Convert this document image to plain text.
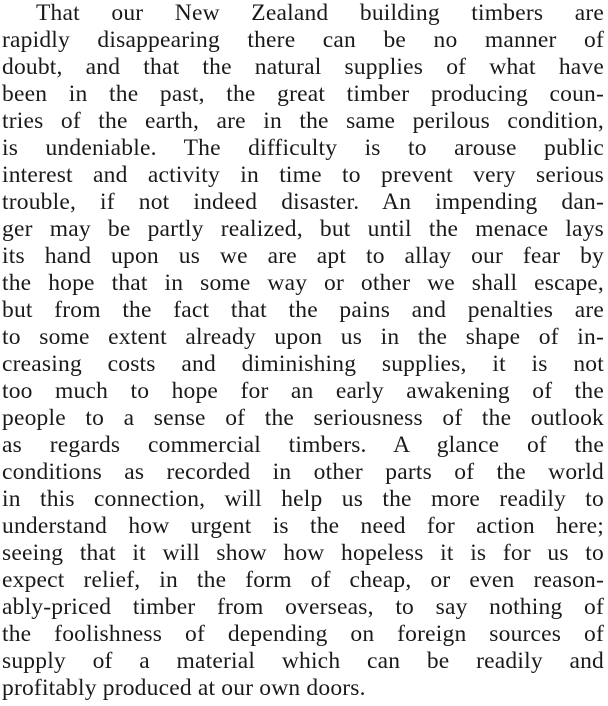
That our New Zealand building timbers are
rapidly disappearing there can be no manner of
doubt, and that the natural supplies of what have
been in the past, the great timber producing coun-
tries of the earth, are in the same perilous condition,
is undeniable. The difficulty is to arouse public
interest and activity in time to prevent very serious
trouble, if not indeed disaster. An impending dan-
ger may be partly realized, but until the menace lays
its hand upon us we are apt to allay our fear by
the hope that in some way or other we shall escape,
but from the fact that the pains and penalties are
to some extent already upon us in the shape of in-
creasing costs and diminishing supplies, it is not
too much to hope for an early awakening of the
people to a sense of the seriousness of the outlook
as regards commercial timbers. A glance of the
conditions as recorded in other parts of the world
in this connection, will help us the more readily to
understand how urgent is the need for action here;
seeing that it will show how hopeless it is for us to
expect relief, in the form of cheap, or even reason-
ably-priced timber from overseas, to say nothing of
the foolishness of depending on foreign sources of
supply of a material which can be readily and
profitably produced at our own doors.
